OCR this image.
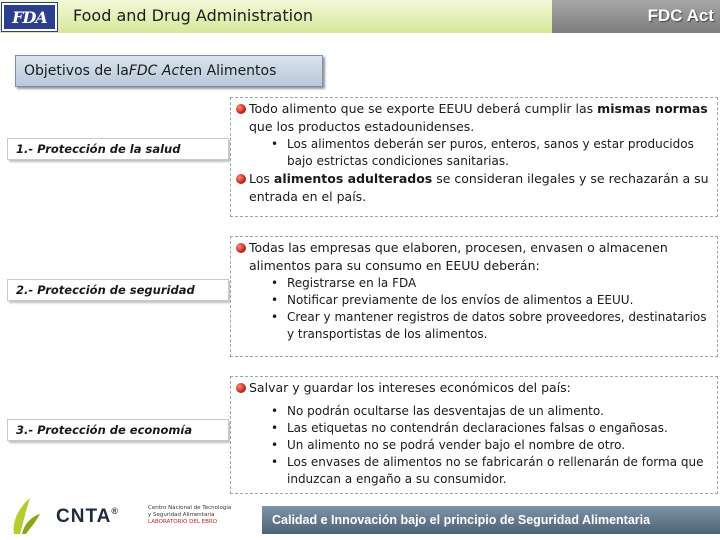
FDA	Food and Drug Administration	FDC Act
Objetivos de la FDC Act en Alimentos
1.- Protección de la salud
Todo alimento que se exporte EEUU deberá cumplir las mismas normas que los productos estadounidenses.
• Los alimentos deberán ser puros, enteros, sanos y estar producidos bajo estrictas condiciones sanitarias.
Los alimentos adulterados se consideran ilegales y se rechazarán a su entrada en el país.
2.- Protección de seguridad
Todas las empresas que elaboren, procesen, envasen o almacenen alimentos para su consumo en EEUU deberán:
• Registrarse en la FDA
• Notificar previamente de los envíos de alimentos a EEUU.
• Crear y mantener registros de datos sobre proveedores, destinatarios y transportistas de los alimentos.
3.- Protección de economía
Salvar y guardar los intereses económicos del país:
• No podrán ocultarse las desventajas de un alimento.
• Las etiquetas no contendrán declaraciones falsas o engañosas.
• Un alimento no se podrá vender bajo el nombre de otro.
• Los envases de alimentos no se fabricarán o rellenarán de forma que induzcan a engaño a su consumidor.
CNTA®	Centro Nacional de Tecnología
y Seguridad Alimentaria
LABORATORIO DEL EBRO	Calidad e Innovación bajo el principio de Seguridad Alimentaria
